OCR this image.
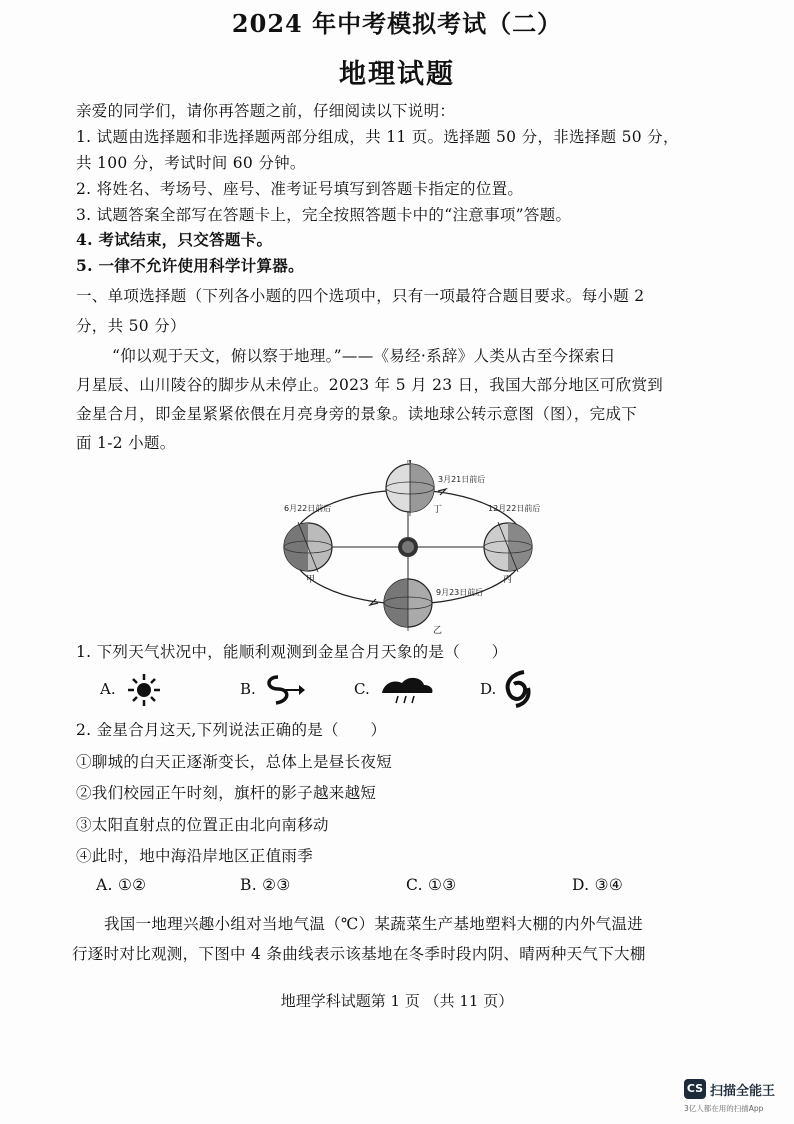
2024 年中考模拟考试（二）
地理试题
亲爱的同学们，请你再答题之前，仔细阅读以下说明：
1. 试题由选择题和非选择题两部分组成，共 11 页。选择题 50 分，非选择题 50 分，
共 100 分，考试时间 60 分钟。
2. 将姓名、考场号、座号、准考证号填写到答题卡指定的位置。
3. 试题答案全部写在答题卡上，完全按照答题卡中的“注意事项”答题。
4. 考试结束，只交答题卡。
5. 一律不允许使用科学计算器。
一、单项选择题（下列各小题的四个选项中，只有一项最符合题目要求。每小题 2
分，共 50 分）
“仰以观于天文，俯以察于地理。”——《易经·系辞》人类从古至今探索日
月星辰、山川陵谷的脚步从未停止。2023 年 5 月 23 日，我国大部分地区可欣赏到
金星合月，即金星紧紧依偎在月亮身旁的景象。读地球公转示意图（图），完成下
面 1-2 小题。
3月21日前后
丁
N
6月22日前后
甲
12月22日前后
丙
9月23日前后
乙
1. 下列天气状况中，能顺利观测到金星合月天象的是（　　）
A.	B.	C.	D.
2. 金星合月这天,下列说法正确的是（　　）
①聊城的白天正逐渐变长，总体上是昼长夜短
②我们校园正午时刻，旗杆的影子越来越短
③太阳直射点的位置正由北向南移动
④此时，地中海沿岸地区正值雨季
A. ①②	B. ②③	C. ①③	D. ③④
我国一地理兴趣小组对当地气温（℃）某蔬菜生产基地塑料大棚的内外气温进
行逐时对比观测，下图中 4 条曲线表示该基地在冬季时段内阴、晴两种天气下大棚
地理学科试题第 1 页 （共 11 页）
CS 扫描全能王
3亿人都在用的扫描App
